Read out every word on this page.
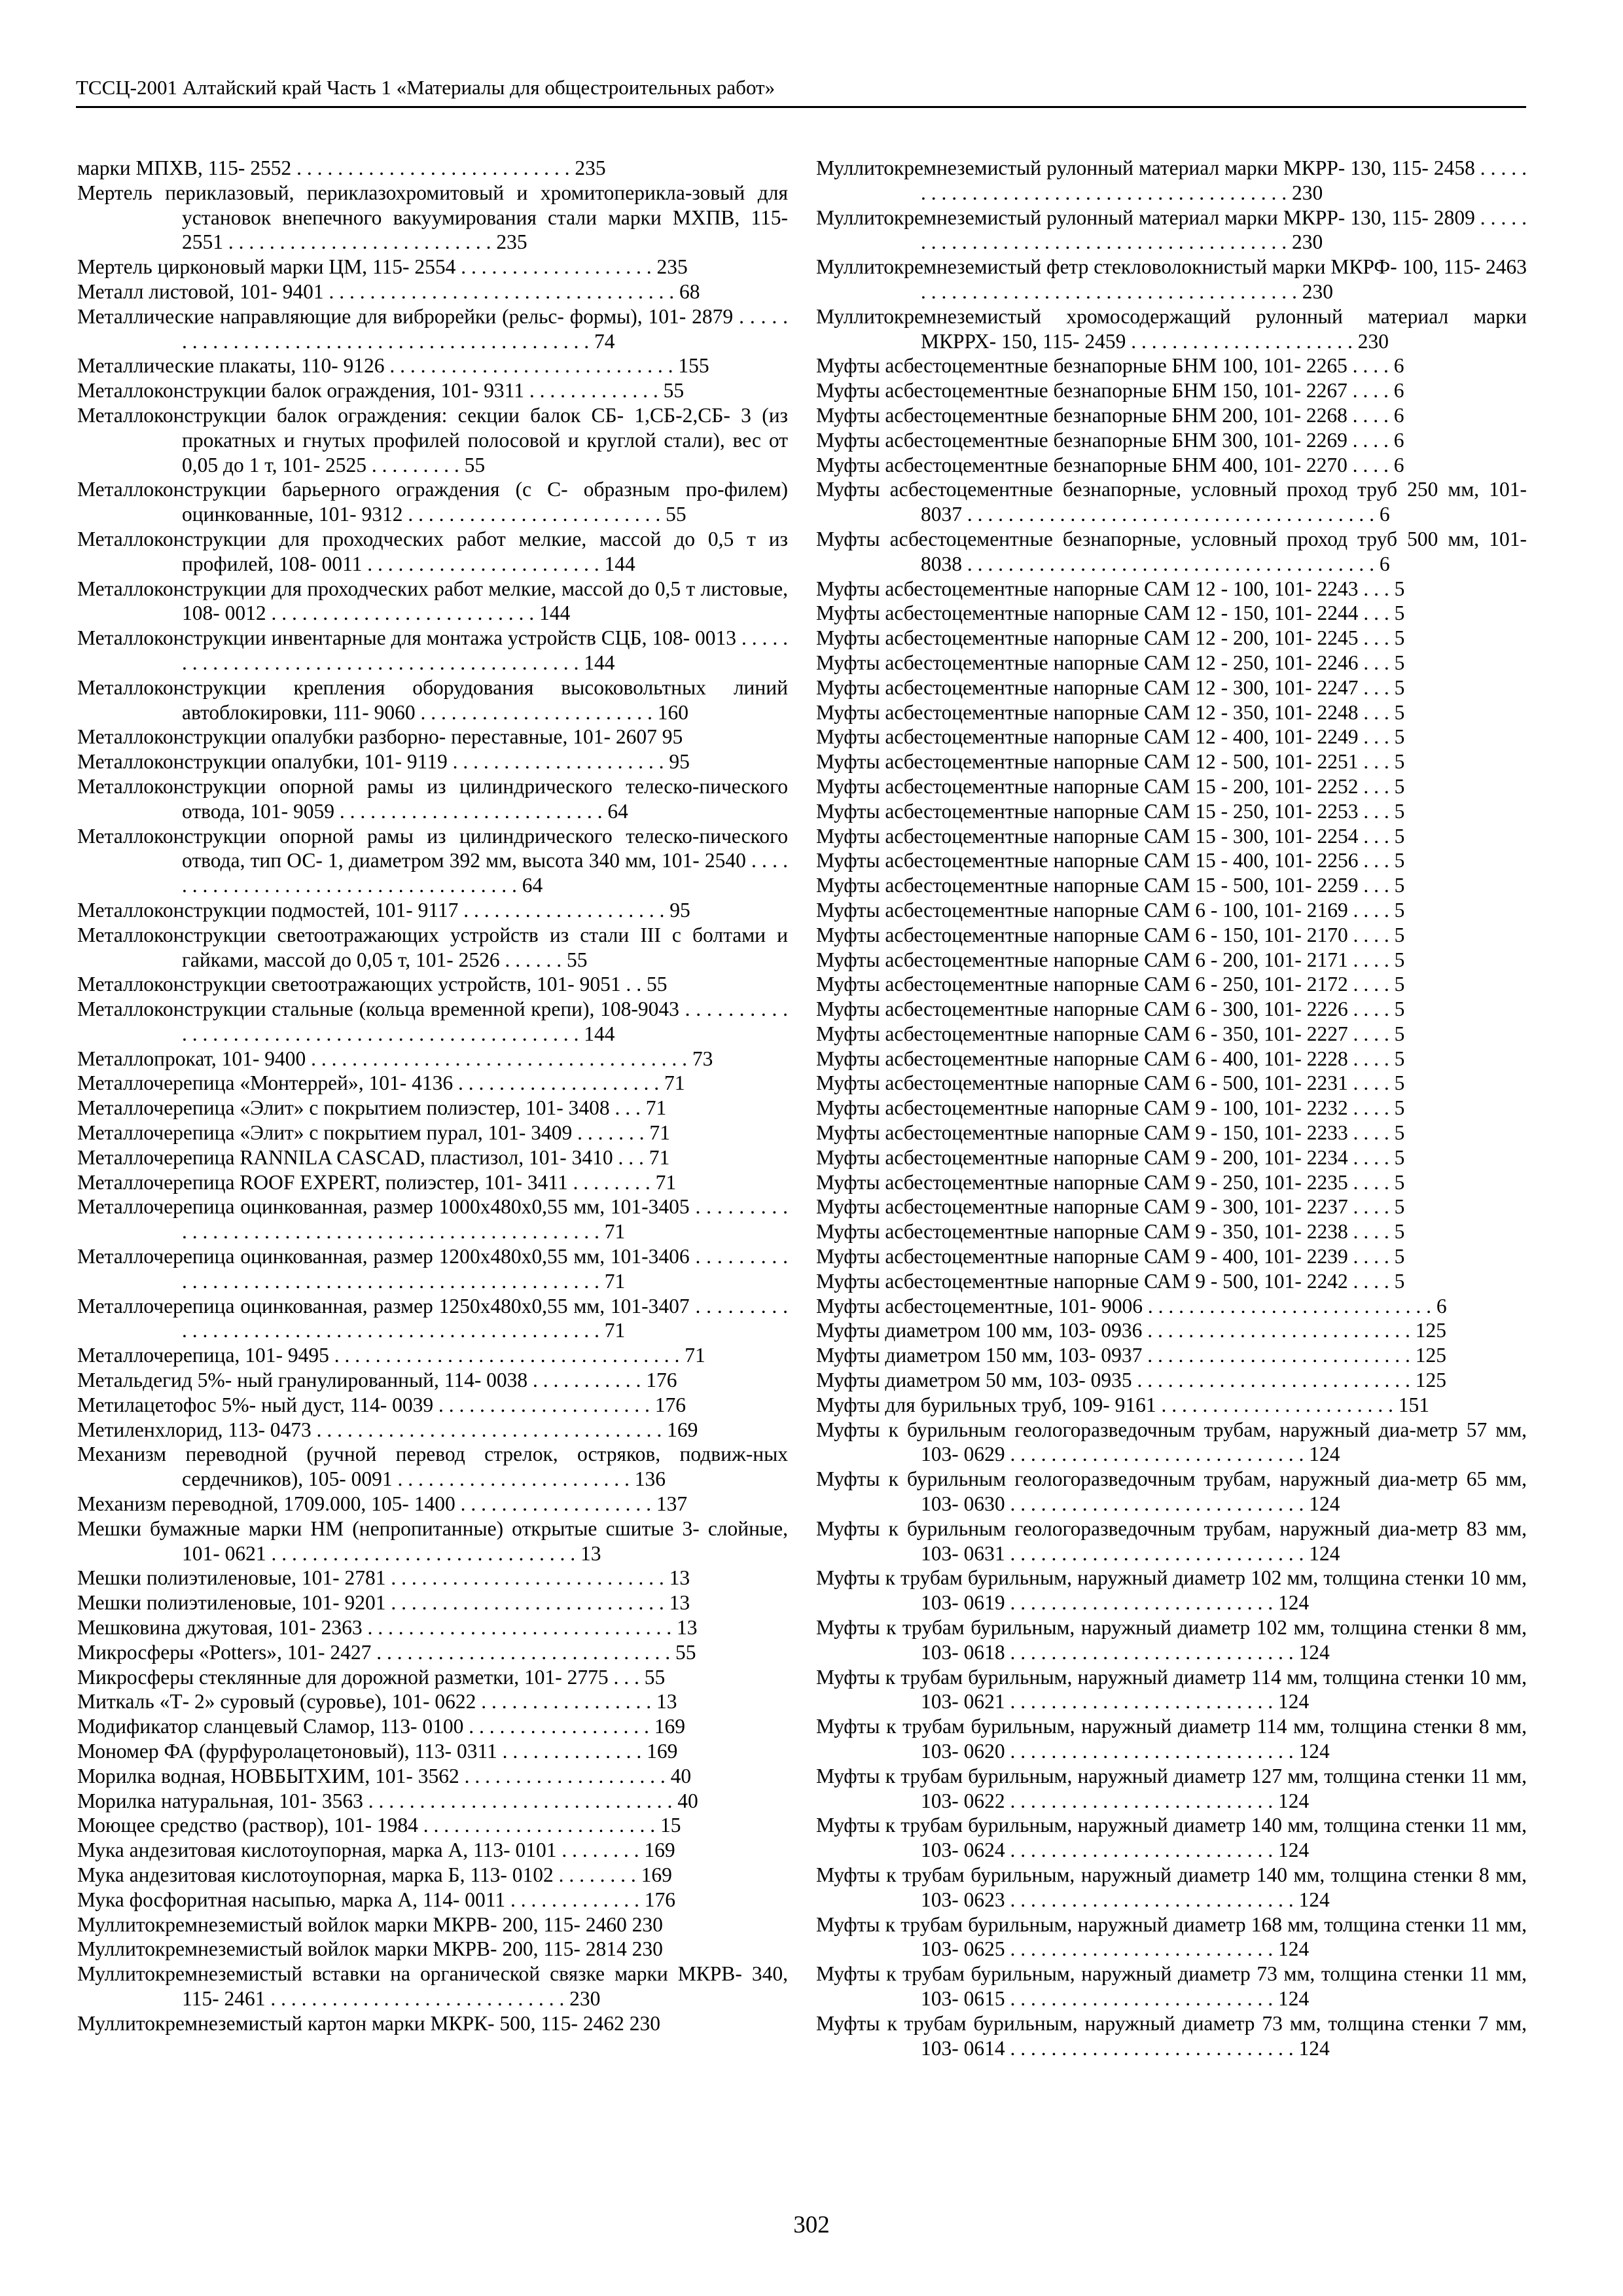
ТССЦ-2001 Алтайский край Часть 1 «Материалы для общестроительных работ»
марки МПХВ, 115- 2552 . . . . . . . . . . . . . . . . . . . . . . . . . . . 235
Мертель периклазовый, периклазохромитовый и хромитоперикла-зовый для установок внепечного вакуумирования стали марки МХПВ, 115- 2551 . . . . . . . . . . . . . . . . . . . . . . . . . . 235
Мертель цирконовый марки ЦМ, 115- 2554 . . . . . . . . . . . . . . . . . . . 235
Металл листовой, 101- 9401 . . . . . . . . . . . . . . . . . . . . . . . . . . . . . . . . . . 68
Металлические направляющие для виброрейки (рельс- формы), 101- 2879 . . . . . . . . . . . . . . . . . . . . . . . . . . . . . . . . . . . . . . . . . . . . . 74
Металлические плакаты, 110- 9126 . . . . . . . . . . . . . . . . . . . . . . . . . . . . 155
Металлоконструкции балок ограждения, 101- 9311 . . . . . . . . . . . . . 55
Металлоконструкции балок ограждения: секции балок СБ- 1,СБ-2,СБ- 3 (из прокатных и гнутых профилей полосовой и круглой стали), вес от 0,05 до 1 т, 101- 2525 . . . . . . . . . 55
Металлоконструкции барьерного ограждения (с С- образным про-филем) оцинкованные, 101- 9312 . . . . . . . . . . . . . . . . . . . . . . . . . 55
Металлоконструкции для проходческих работ мелкие, массой до 0,5 т из профилей, 108- 0011 . . . . . . . . . . . . . . . . . . . . . . . 144
Металлоконструкции для проходческих работ мелкие, массой до 0,5 т листовые, 108- 0012 . . . . . . . . . . . . . . . . . . . . . . . . . . 144
Металлоконструкции инвентарные для монтажа устройств СЦБ, 108- 0013 . . . . . . . . . . . . . . . . . . . . . . . . . . . . . . . . . . . . . . . . . . . . 144
Металлоконструкции крепления оборудования высоковольтных линий автоблокировки, 111- 9060 . . . . . . . . . . . . . . . . . . . . . . . 160
Металлоконструкции опалубки разборно- переставные, 101- 2607 95
Металлоконструкции опалубки, 101- 9119 . . . . . . . . . . . . . . . . . . . . . 95
Металлоконструкции опорной рамы из цилиндрического телеско-пического отвода, 101- 9059 . . . . . . . . . . . . . . . . . . . . . . . . . . 64
Металлоконструкции опорной рамы из цилиндрического телеско-пического отвода, тип ОС- 1, диаметром 392 мм, высота 340 мм, 101- 2540 . . . . . . . . . . . . . . . . . . . . . . . . . . . . . . . . . . . . . 64
Металлоконструкции подмостей, 101- 9117 . . . . . . . . . . . . . . . . . . . . 95
Металлоконструкции светоотражающих устройств из стали III с болтами и гайками, массой до 0,05 т, 101- 2526 . . . . . . 55
Металлоконструкции светоотражающих устройств, 101- 9051 . . 55
Металлоконструкции стальные (кольца временной крепи), 108-9043 . . . . . . . . . . . . . . . . . . . . . . . . . . . . . . . . . . . . . . . . . . . . . . . . . 144
Металлопрокат, 101- 9400 . . . . . . . . . . . . . . . . . . . . . . . . . . . . . . . . . . . . . 73
Металлочерепица «Монтеррей», 101- 4136 . . . . . . . . . . . . . . . . . . . . 71
Металлочерепица «Элит» с покрытием полиэстер, 101- 3408 . . . 71
Металлочерепица «Элит» с покрытием пурал, 101- 3409 . . . . . . . 71
Металлочерепица RANNILA CASCAD, пластизол, 101- 3410 . . . 71
Металлочерепица ROOF EXPERT, полиэстер, 101- 3411 . . . . . . . . 71
Металлочерепица оцинкованная, размер 1000х480х0,55 мм, 101-3405 . . . . . . . . . . . . . . . . . . . . . . . . . . . . . . . . . . . . . . . . . . . . . . . . . . 71
Металлочерепица оцинкованная, размер 1200х480х0,55 мм, 101-3406 . . . . . . . . . . . . . . . . . . . . . . . . . . . . . . . . . . . . . . . . . . . . . . . . . . 71
Металлочерепица оцинкованная, размер 1250х480х0,55 мм, 101-3407 . . . . . . . . . . . . . . . . . . . . . . . . . . . . . . . . . . . . . . . . . . . . . . . . . . 71
Металлочерепица, 101- 9495 . . . . . . . . . . . . . . . . . . . . . . . . . . . . . . . . . . 71
Метальдегид 5%- ный гранулированный, 114- 0038 . . . . . . . . . . . 176
Метилацетофос 5%- ный дуст, 114- 0039 . . . . . . . . . . . . . . . . . . . . . 176
Метиленхлорид, 113- 0473 . . . . . . . . . . . . . . . . . . . . . . . . . . . . . . . . . . 169
Механизм переводной (ручной перевод стрелок, остряков, подвиж-ных сердечников), 105- 0091 . . . . . . . . . . . . . . . . . . . . . . . 136
Механизм переводной, 1709.000, 105- 1400 . . . . . . . . . . . . . . . . . . . 137
Мешки бумажные марки НМ (непропитанные) открытые сшитые 3- слойные, 101- 0621 . . . . . . . . . . . . . . . . . . . . . . . . . . . . . . 13
Мешки полиэтиленовые, 101- 2781 . . . . . . . . . . . . . . . . . . . . . . . . . . . 13
Мешки полиэтиленовые, 101- 9201 . . . . . . . . . . . . . . . . . . . . . . . . . . . 13
Мешковина джутовая, 101- 2363 . . . . . . . . . . . . . . . . . . . . . . . . . . . . . . 13
Микросферы «Potters», 101- 2427 . . . . . . . . . . . . . . . . . . . . . . . . . . . . . 55
Микросферы стеклянные для дорожной разметки, 101- 2775 . . . 55
Миткаль «Т- 2» суровый (суровье), 101- 0622 . . . . . . . . . . . . . . . . . 13
Модификатор сланцевый Сламор, 113- 0100 . . . . . . . . . . . . . . . . . . 169
Мономер ФА (фурфуролацетоновый), 113- 0311 . . . . . . . . . . . . . . 169
Морилка водная, НОВБЫТХИМ, 101- 3562 . . . . . . . . . . . . . . . . . . . . 40
Морилка натуральная, 101- 3563 . . . . . . . . . . . . . . . . . . . . . . . . . . . . . . 40
Моющее средство (раствор), 101- 1984 . . . . . . . . . . . . . . . . . . . . . . . 15
Мука андезитовая кислотоупорная, марка А, 113- 0101 . . . . . . . . 169
Мука андезитовая кислотоупорная, марка Б, 113- 0102 . . . . . . . . 169
Мука фосфоритная насыпью, марка А, 114- 0011 . . . . . . . . . . . . . 176
Муллитокремнеземистый войлок марки МКРВ- 200, 115- 2460 230
Муллитокремнеземистый войлок марки МКРВ- 200, 115- 2814 230
Муллитокремнеземистый вставки на органической связке марки МКРВ- 340, 115- 2461 . . . . . . . . . . . . . . . . . . . . . . . . . . . . . 230
Муллитокремнеземистый картон марки МКРК- 500, 115- 2462 230
Муллитокремнеземистый рулонный материал марки МКРР- 130, 115- 2458 . . . . . . . . . . . . . . . . . . . . . . . . . . . . . . . . . . . . . . . . . 230
Муллитокремнеземистый рулонный материал марки МКРР- 130, 115- 2809 . . . . . . . . . . . . . . . . . . . . . . . . . . . . . . . . . . . . . . . . . 230
Муллитокремнеземистый фетр стекловолокнистый марки МКРФ- 100, 115- 2463 . . . . . . . . . . . . . . . . . . . . . . . . . . . . . . . . . . . . . 230
Муллитокремнеземистый хромосодержащий рулонный материал марки МКРРХ- 150, 115- 2459 . . . . . . . . . . . . . . . . . . . . . . 230
Муфты асбестоцементные безнапорные БНМ 100, 101- 2265 . . . . 6
Муфты асбестоцементные безнапорные БНМ 150, 101- 2267 . . . . 6
Муфты асбестоцементные безнапорные БНМ 200, 101- 2268 . . . . 6
Муфты асбестоцементные безнапорные БНМ 300, 101- 2269 . . . . 6
Муфты асбестоцементные безнапорные БНМ 400, 101- 2270 . . . . 6
Муфты асбестоцементные безнапорные, условный проход труб 250 мм, 101- 8037 . . . . . . . . . . . . . . . . . . . . . . . . . . . . . . . . . . . . . . . . 6
Муфты асбестоцементные безнапорные, условный проход труб 500 мм, 101- 8038 . . . . . . . . . . . . . . . . . . . . . . . . . . . . . . . . . . . . . . . . 6
Муфты асбестоцементные напорные САМ 12 - 100, 101- 2243 . . . 5
Муфты асбестоцементные напорные САМ 12 - 150, 101- 2244 . . . 5
Муфты асбестоцементные напорные САМ 12 - 200, 101- 2245 . . . 5
Муфты асбестоцементные напорные САМ 12 - 250, 101- 2246 . . . 5
Муфты асбестоцементные напорные САМ 12 - 300, 101- 2247 . . . 5
Муфты асбестоцементные напорные САМ 12 - 350, 101- 2248 . . . 5
Муфты асбестоцементные напорные САМ 12 - 400, 101- 2249 . . . 5
Муфты асбестоцементные напорные САМ 12 - 500, 101- 2251 . . . 5
Муфты асбестоцементные напорные САМ 15 - 200, 101- 2252 . . . 5
Муфты асбестоцементные напорные САМ 15 - 250, 101- 2253 . . . 5
Муфты асбестоцементные напорные САМ 15 - 300, 101- 2254 . . . 5
Муфты асбестоцементные напорные САМ 15 - 400, 101- 2256 . . . 5
Муфты асбестоцементные напорные САМ 15 - 500, 101- 2259 . . . 5
Муфты асбестоцементные напорные САМ 6 - 100, 101- 2169 . . . . 5
Муфты асбестоцементные напорные САМ 6 - 150, 101- 2170 . . . . 5
Муфты асбестоцементные напорные САМ 6 - 200, 101- 2171 . . . . 5
Муфты асбестоцементные напорные САМ 6 - 250, 101- 2172 . . . . 5
Муфты асбестоцементные напорные САМ 6 - 300, 101- 2226 . . . . 5
Муфты асбестоцементные напорные САМ 6 - 350, 101- 2227 . . . . 5
Муфты асбестоцементные напорные САМ 6 - 400, 101- 2228 . . . . 5
Муфты асбестоцементные напорные САМ 6 - 500, 101- 2231 . . . . 5
Муфты асбестоцементные напорные САМ 9 - 100, 101- 2232 . . . . 5
Муфты асбестоцементные напорные САМ 9 - 150, 101- 2233 . . . . 5
Муфты асбестоцементные напорные САМ 9 - 200, 101- 2234 . . . . 5
Муфты асбестоцементные напорные САМ 9 - 250, 101- 2235 . . . . 5
Муфты асбестоцементные напорные САМ 9 - 300, 101- 2237 . . . . 5
Муфты асбестоцементные напорные САМ 9 - 350, 101- 2238 . . . . 5
Муфты асбестоцементные напорные САМ 9 - 400, 101- 2239 . . . . 5
Муфты асбестоцементные напорные САМ 9 - 500, 101- 2242 . . . . 5
Муфты асбестоцементные, 101- 9006 . . . . . . . . . . . . . . . . . . . . . . . . . . . . 6
Муфты диаметром 100 мм, 103- 0936 . . . . . . . . . . . . . . . . . . . . . . . . . . 125
Муфты диаметром 150 мм, 103- 0937 . . . . . . . . . . . . . . . . . . . . . . . . . . 125
Муфты диаметром 50 мм, 103- 0935 . . . . . . . . . . . . . . . . . . . . . . . . . . . 125
Муфты для бурильных труб, 109- 9161 . . . . . . . . . . . . . . . . . . . . . . . 151
Муфты к бурильным геологоразведочным трубам, наружный диа-метр 57 мм, 103- 0629 . . . . . . . . . . . . . . . . . . . . . . . . . . . . . 124
Муфты к бурильным геологоразведочным трубам, наружный диа-метр 65 мм, 103- 0630 . . . . . . . . . . . . . . . . . . . . . . . . . . . . . 124
Муфты к бурильным геологоразведочным трубам, наружный диа-метр 83 мм, 103- 0631 . . . . . . . . . . . . . . . . . . . . . . . . . . . . . 124
Муфты к трубам бурильным, наружный диаметр 102 мм, толщина стенки 10 мм, 103- 0619 . . . . . . . . . . . . . . . . . . . . . . . . . . 124
Муфты к трубам бурильным, наружный диаметр 102 мм, толщина стенки 8 мм, 103- 0618 . . . . . . . . . . . . . . . . . . . . . . . . . . . . 124
Муфты к трубам бурильным, наружный диаметр 114 мм, толщина стенки 10 мм, 103- 0621 . . . . . . . . . . . . . . . . . . . . . . . . . . 124
Муфты к трубам бурильным, наружный диаметр 114 мм, толщина стенки 8 мм, 103- 0620 . . . . . . . . . . . . . . . . . . . . . . . . . . . . 124
Муфты к трубам бурильным, наружный диаметр 127 мм, толщина стенки 11 мм, 103- 0622 . . . . . . . . . . . . . . . . . . . . . . . . . . 124
Муфты к трубам бурильным, наружный диаметр 140 мм, толщина стенки 11 мм, 103- 0624 . . . . . . . . . . . . . . . . . . . . . . . . . . 124
Муфты к трубам бурильным, наружный диаметр 140 мм, толщина стенки 8 мм, 103- 0623 . . . . . . . . . . . . . . . . . . . . . . . . . . . . 124
Муфты к трубам бурильным, наружный диаметр 168 мм, толщина стенки 11 мм, 103- 0625 . . . . . . . . . . . . . . . . . . . . . . . . . . 124
Муфты к трубам бурильным, наружный диаметр 73 мм, толщина стенки 11 мм, 103- 0615 . . . . . . . . . . . . . . . . . . . . . . . . . . 124
Муфты к трубам бурильным, наружный диаметр 73 мм, толщина стенки 7 мм, 103- 0614 . . . . . . . . . . . . . . . . . . . . . . . . . . . . 124
302
